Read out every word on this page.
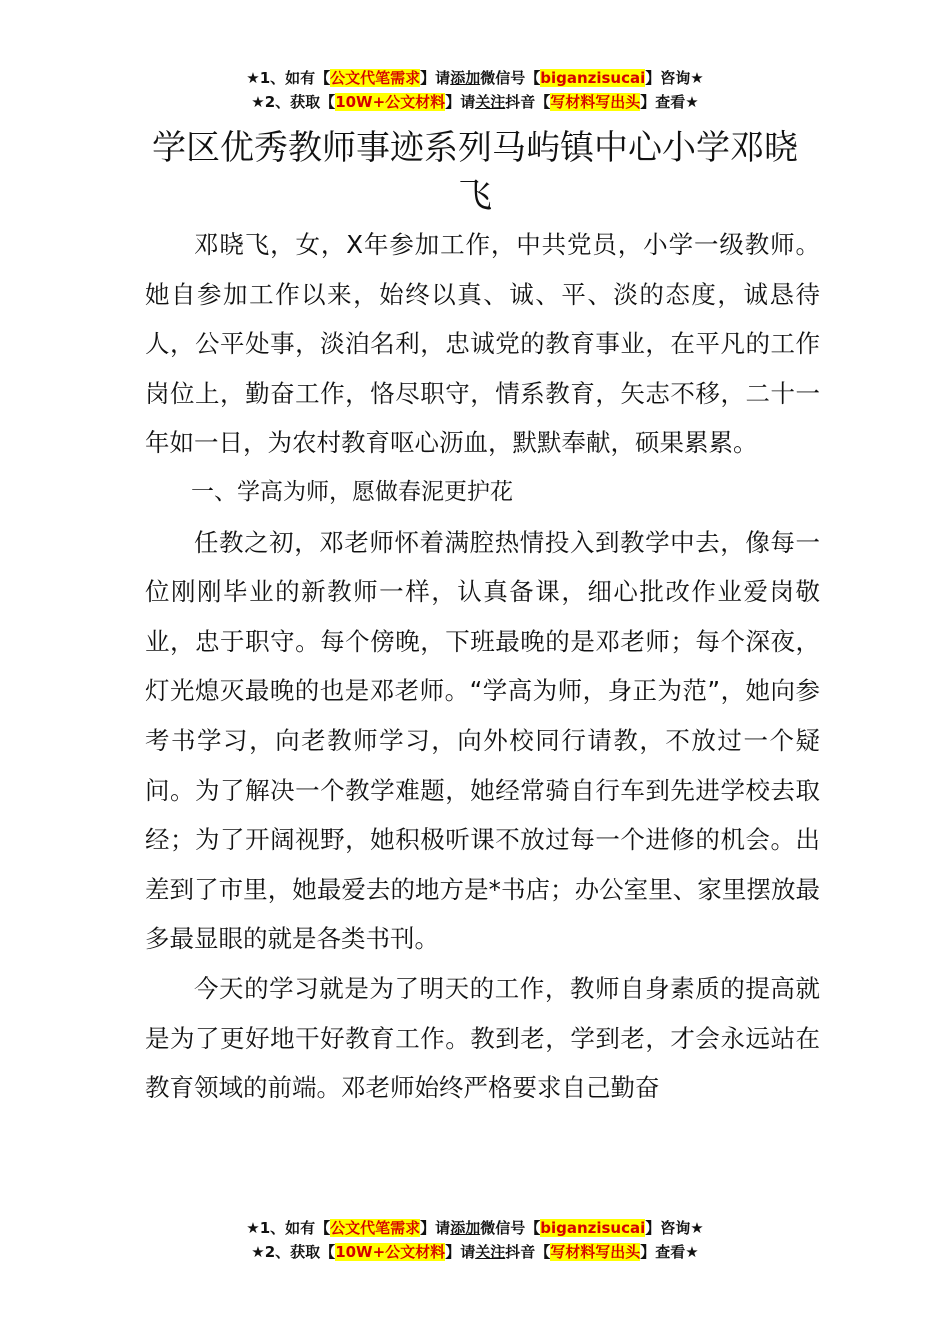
★1、如有【公文代笔需求】请添加微信号【biganzisucai】咨询★
★2、获取【10W+公文材料】请关注抖音【写材料写出头】查看★
学区优秀教师事迹系列马屿镇中心小学邓晓飞

邓晓飞，女，X年参加工作，中共党员，小学一级教师。她自参加工作以来，始终以真、诚、平、淡的态度，诚恳待人，公平处事，淡泊名利，忠诚党的教育事业，在平凡的工作岗位上，勤奋工作，恪尽职守，情系教育，矢志不移，二十一年如一日，为农村教育呕心沥血，默默奉献，硕果累累。

一、学高为师，愿做春泥更护花

任教之初，邓老师怀着满腔热情投入到教学中去，像每一位刚刚毕业的新教师一样，认真备课，细心批改作业爱岗敬业，忠于职守。每个傍晚，下班最晚的是邓老师；每个深夜，灯光熄灭最晚的也是邓老师。“学高为师，身正为范”，她向参考书学习，向老教师学习，向外校同行请教，不放过一个疑问。为了解决一个教学难题，她经常骑自行车到先进学校去取经；为了开阔视野，她积极听课不放过每一个进修的机会。出差到了市里，她最爱去的地方是*书店；办公室里、家里摆放最多最显眼的就是各类书刊。

今天的学习就是为了明天的工作，教师自身素质的提高就是为了更好地干好教育工作。教到老，学到老，才会永远站在教育领域的前端。邓老师始终严格要求自己勤奋

★1、如有【公文代笔需求】请添加微信号【biganzisucai】咨询★
★2、获取【10W+公文材料】请关注抖音【写材料写出头】查看★
